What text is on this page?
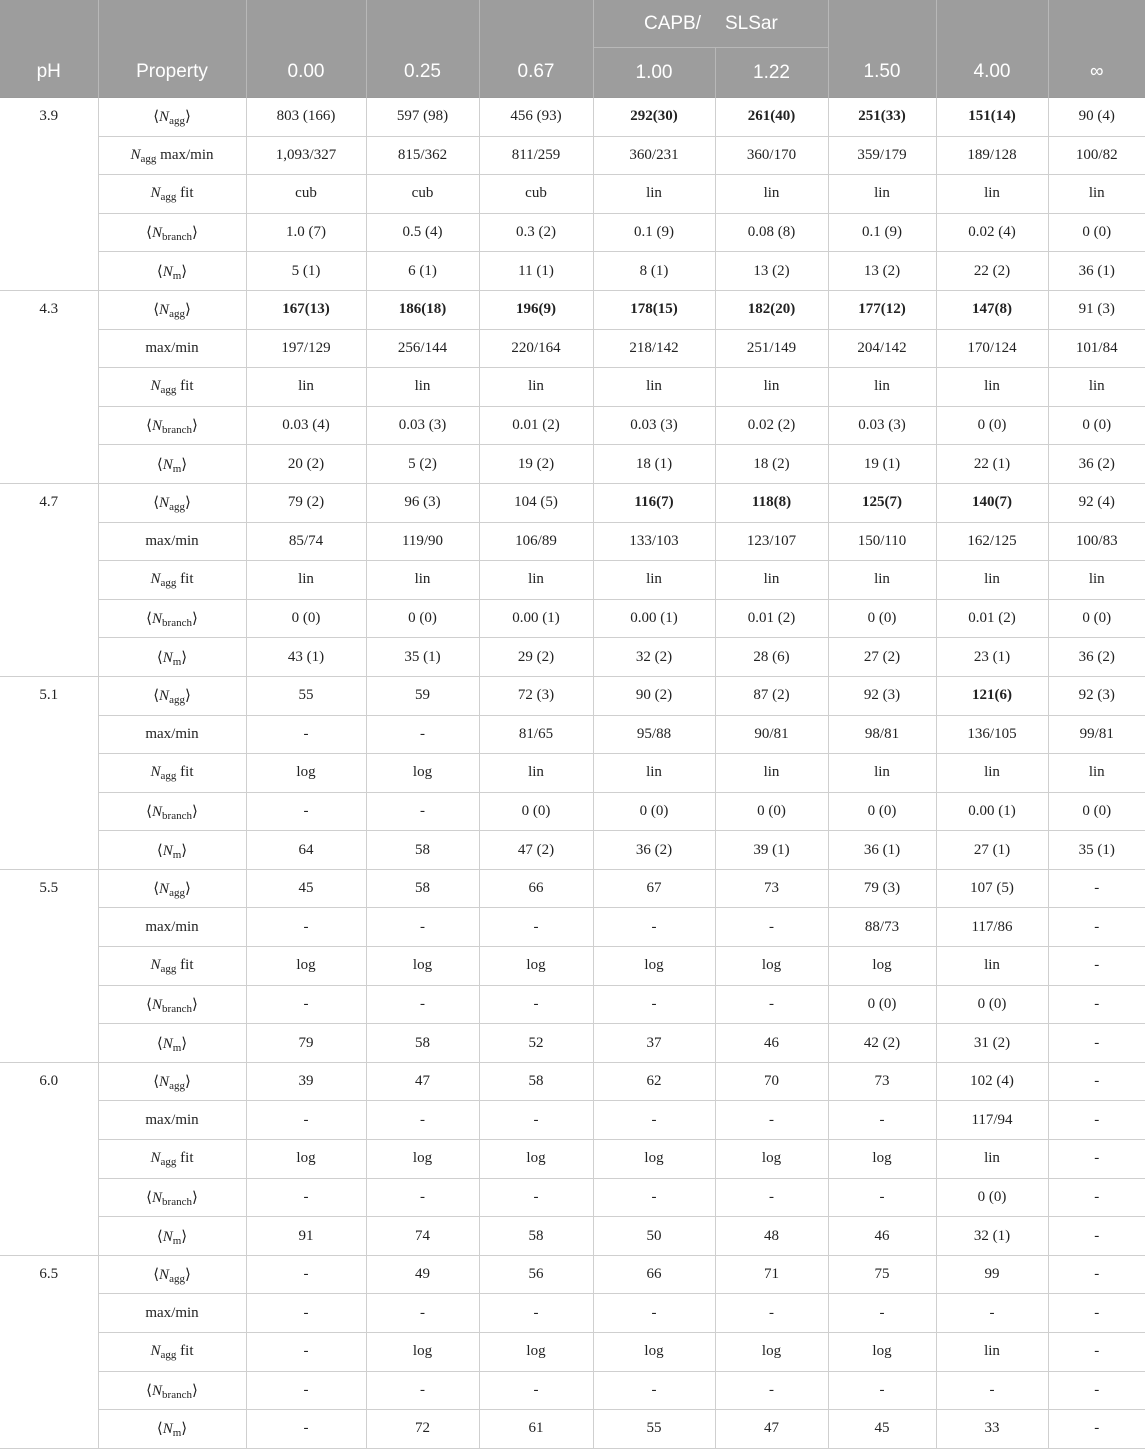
					CAPB/	SLSar			
pH	Property	0.00	0.25	0.67	1.00	1.22	1.50	4.00	∞
3.9	$⟨N_{agg}⟩$	803 (166)	597 (98)	456 (93)	292(30)	261(40)	251(33)	151(14)	90 (4)
	$N_{agg}$ max/min	1,093/327	815/362	811/259	360/231	360/170	359/179	189/128	100/82
	$N_{agg}$ fit	cub	cub	cub	lin	lin	lin	lin	lin
	$⟨N_{branch}⟩$	1.0 (7)	0.5 (4)	0.3 (2)	0.1 (9)	0.08 (8)	0.1 (9)	0.02 (4)	0 (0)
	$⟨N_m⟩$	5 (1)	6 (1)	11 (1)	8 (1)	13 (2)	13 (2)	22 (2)	36 (1)
4.3	$⟨N_{agg}⟩$	167(13)	186(18)	196(9)	178(15)	182(20)	177(12)	147(8)	91 (3)
	max/min	197/129	256/144	220/164	218/142	251/149	204/142	170/124	101/84
	$N_{agg}$ fit	lin	lin	lin	lin	lin	lin	lin	lin
	$⟨N_{branch}⟩$	0.03 (4)	0.03 (3)	0.01 (2)	0.03 (3)	0.02 (2)	0.03 (3)	0 (0)	0 (0)
	$⟨N_m⟩$	20 (2)	5 (2)	19 (2)	18 (1)	18 (2)	19 (1)	22 (1)	36 (2)
4.7	$⟨N_{agg}⟩$	79 (2)	96 (3)	104 (5)	116(7)	118(8)	125(7)	140(7)	92 (4)
	max/min	85/74	119/90	106/89	133/103	123/107	150/110	162/125	100/83
	$N_{agg}$ fit	lin	lin	lin	lin	lin	lin	lin	lin
	$⟨N_{branch}⟩$	0 (0)	0 (0)	0.00 (1)	0.00 (1)	0.01 (2)	0 (0)	0.01 (2)	0 (0)
	$⟨N_m⟩$	43 (1)	35 (1)	29 (2)	32 (2)	28 (6)	27 (2)	23 (1)	36 (2)
5.1	$⟨N_{agg}⟩$	55	59	72 (3)	90 (2)	87 (2)	92 (3)	121(6)	92 (3)
	max/min	-	-	81/65	95/88	90/81	98/81	136/105	99/81
	$N_{agg}$ fit	log	log	lin	lin	lin	lin	lin	lin
	$⟨N_{branch}⟩$	-	-	0 (0)	0 (0)	0 (0)	0 (0)	0.00 (1)	0 (0)
	$⟨N_m⟩$	64	58	47 (2)	36 (2)	39 (1)	36 (1)	27 (1)	35 (1)
5.5	$⟨N_{agg}⟩$	45	58	66	67	73	79 (3)	107 (5)	-
	max/min	-	-	-	-	-	88/73	117/86	-
	$N_{agg}$ fit	log	log	log	log	log	log	lin	-
	$⟨N_{branch}⟩$	-	-	-	-	-	0 (0)	0 (0)	-
	$⟨N_m⟩$	79	58	52	37	46	42 (2)	31 (2)	-
6.0	$⟨N_{agg}⟩$	39	47	58	62	70	73	102 (4)	-
	max/min	-	-	-	-	-	-	117/94	-
	$N_{agg}$ fit	log	log	log	log	log	log	lin	-
	$⟨N_{branch}⟩$	-	-	-	-	-	-	0 (0)	-
	$⟨N_m⟩$	91	74	58	50	48	46	32 (1)	-
6.5	$⟨N_{agg}⟩$	-	49	56	66	71	75	99	-
	max/min	-	-	-	-	-	-	-	-
	$N_{agg}$ fit	-	log	log	log	log	log	lin	-
	$⟨N_{branch}⟩$	-	-	-	-	-	-	-	-
	$⟨N_m⟩$	-	72	61	55	47	45	33	-
